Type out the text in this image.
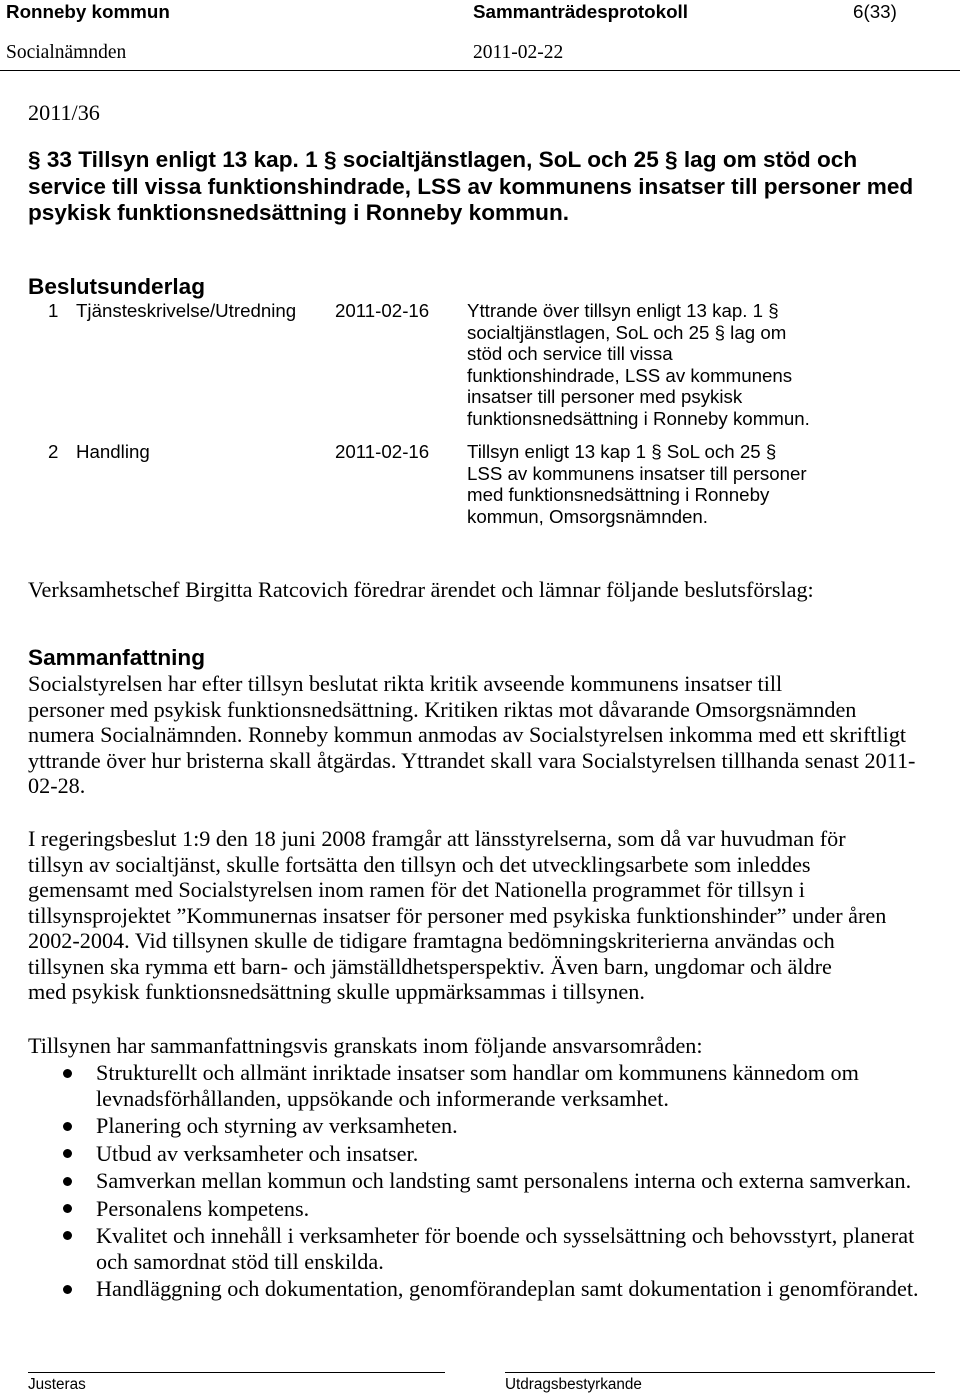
Ronneby kommun	Sammanträdesprotokoll	6(33)
Socialnämnden	2011-02-22
2011/36
§ 33 Tillsyn enligt 13 kap. 1 § socialtjänstlagen, SoL och 25 § lag om stöd och
service till vissa funktionshindrade, LSS av kommunens insatser till personer med
psykisk funktionsnedsättning i Ronneby kommun.
Beslutsunderlag
1 Tjänsteskrivelse/Utredning 2011-02-16 Yttrande över tillsyn enligt 13 kap. 1 §
socialtjänstlagen, SoL och 25 § lag om
stöd och service till vissa
funktionshindrade, LSS av kommunens
insatser till personer med psykisk
funktionsnedsättning i Ronneby kommun.
2 Handling	2011-02-16 Tillsyn enligt 13 kap 1 § SoL och 25 §
LSS av kommunens insatser till personer
med funktionsnedsättning i Ronneby
kommun, Omsorgsnämnden.
Verksamhetschef Birgitta Ratcovich föredrar ärendet och lämnar följande beslutsförslag:
Sammanfattning
Socialstyrelsen har efter tillsyn beslutat rikta kritik avseende kommunens insatser till
personer med psykisk funktionsnedsättning. Kritiken riktas mot dåvarande Omsorgsnämnden
numera Socialnämnden. Ronneby kommun anmodas av Socialstyrelsen inkomma med ett skriftligt
yttrande över hur bristerna skall åtgärdas. Yttrandet skall vara Socialstyrelsen tillhanda senast 2011-
02-28.
I regeringsbeslut 1:9 den 18 juni 2008 framgår att länsstyrelserna, som då var huvudman för
tillsyn av socialtjänst, skulle fortsätta den tillsyn och det utvecklingsarbete som inleddes
gemensamt med Socialstyrelsen inom ramen för det Nationella programmet för tillsyn i
tillsynsprojektet ”Kommunernas insatser för personer med psykiska funktionshinder” under åren
2002-2004. Vid tillsynen skulle de tidigare framtagna bedömningskriterierna användas och
tillsynen ska rymma ett barn- och jämställdhetsperspektiv. Även barn, ungdomar och äldre
med psykisk funktionsnedsättning skulle uppmärksammas i tillsynen.
Tillsynen har sammanfattningsvis granskats inom följande ansvarsområden:
Strukturellt och allmänt inriktade insatser som handlar om kommunens kännedom om
levnadsförhållanden, uppsökande och informerande verksamhet.
Planering och styrning av verksamheten.
Utbud av verksamheter och insatser.
Samverkan mellan kommun och landsting samt personalens interna och externa samverkan.
Personalens kompetens.
Kvalitet och innehåll i verksamheter för boende och sysselsättning och behovsstyrt, planerat
och samordnat stöd till enskilda.
Handläggning och dokumentation, genomförandeplan samt dokumentation i genomförandet.
Justeras	Utdragsbestyrkande
